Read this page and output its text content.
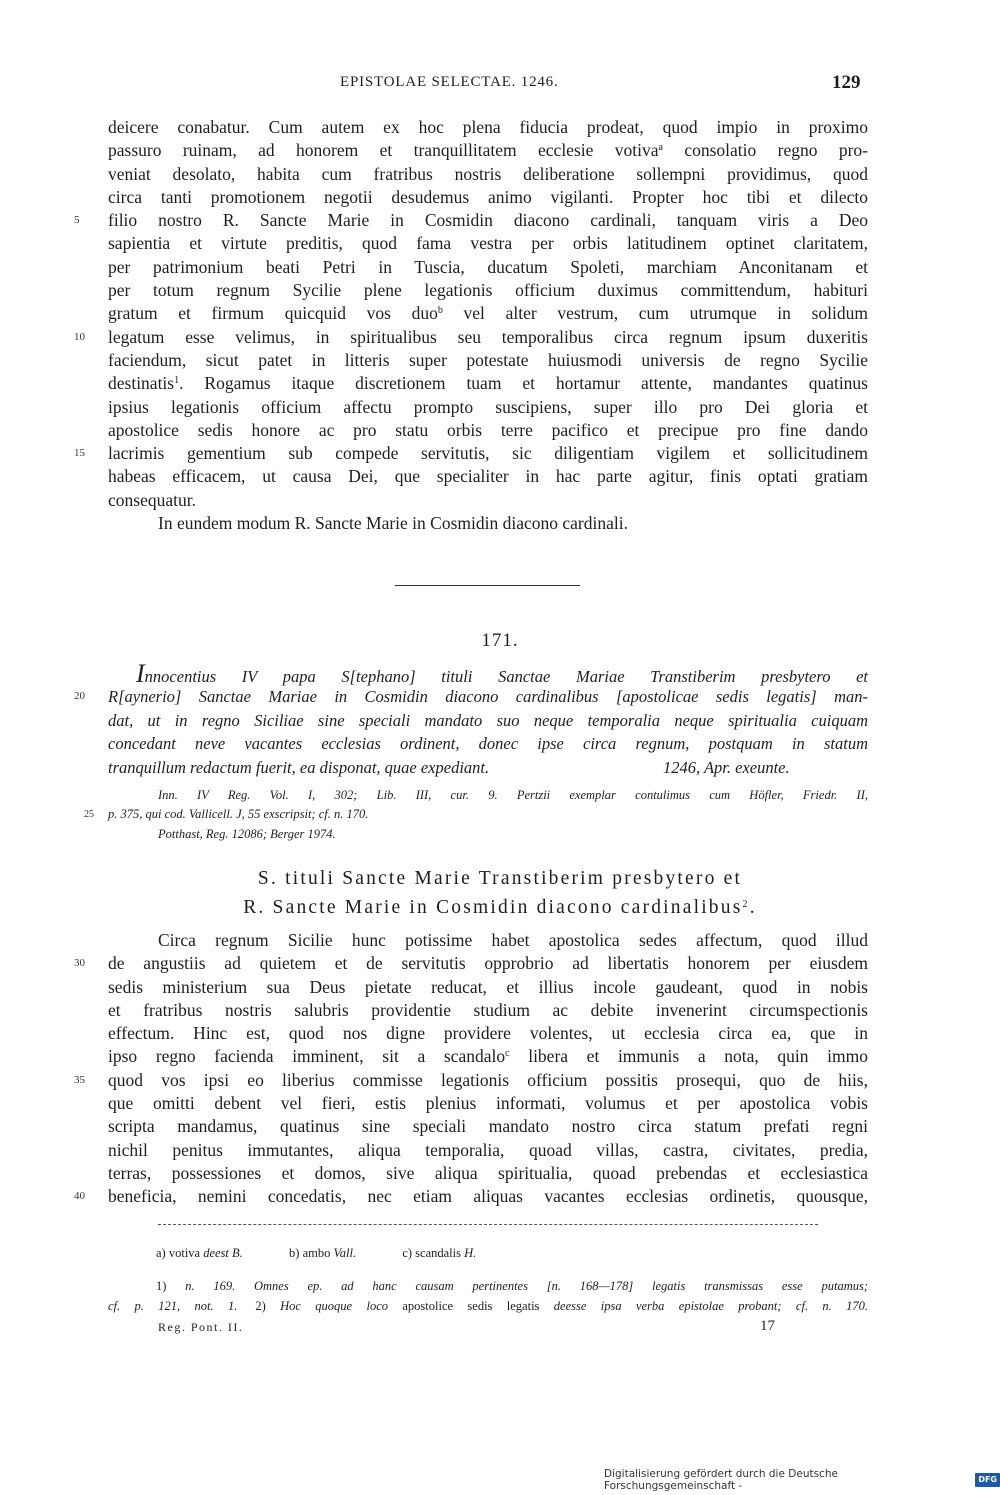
EPISTOLAE SELECTAE. 1246.	129
deicere conabatur. Cum autem ex hoc plena fiducia prodeat, quod impio in proximo
passuro ruinam, ad honorem et tranquillitatem ecclesie votiva$^a$ consolatio regno pro-
veniat desolato, habita cum fratribus nostris deliberatione sollempni providimus, quod
circa tanti promotionem negotii desudemus animo vigilanti. Propter hoc tibi et dilecto
5	filio nostro R. Sancte Marie in Cosmidin diacono cardinali, tanquam viris a Deo
sapientia et virtute preditis, quod fama vestra per orbis latitudinem optinet claritatem,
per patrimonium beati Petri in Tuscia, ducatum Spoleti, marchiam Anconitanam et
per totum regnum Sycilie plene legationis officium duximus committendum, habituri
gratum et firmum quicquid vos duo$^b$ vel alter vestrum, cum utrumque in solidum
10	legatum esse velimus, in spiritualibus seu temporalibus circa regnum ipsum duxeritis
faciendum, sicut patet in litteris super potestate huiusmodi universis de regno Sycilie
destinatis$^1$. Rogamus itaque discretionem tuam et hortamur attente, mandantes quatinus
ipsius legationis officium affectu prompto suscipiens, super illo pro Dei gloria et
apostolice sedis honore ac pro statu orbis terre pacifico et precipue pro fine dando
15	lacrimis gementium sub compede servitutis, sic diligentiam vigilem et sollicitudinem
habeas efficacem, ut causa Dei, que specialiter in hac parte agitur, finis optati gratiam
consequatur.
In eundem modum R. Sancte Marie in Cosmidin diacono cardinali.
171.
Innocentius IV papa S[tephano] tituli Sanctae Mariae Transtiberim presbytero et
20	R[aynerio] Sanctae Mariae in Cosmidin diacono cardinalibus [apostolicae sedis legatis] man-
dat, ut in regno Siciliae sine speciali mandato suo neque temporalia neque spiritualia cuiquam
concedant neve vacantes ecclesias ordinent, donec ipse circa regnum, postquam in statum
tranquillum redactum fuerit, ea disponat, quae expediant.	1246, Apr. exeunte.
Inn. IV Reg. Vol. I, 302; Lib. III, cur. 9. Pertzii exemplar contulimus cum Höfler, Friedr. II,
25 p. 375, qui cod. Vallicell. J, 55 exscripsit; cf. n. 170.
Potthast, Reg. 12086; Berger 1974.
S. tituli Sancte Marie Transtiberim presbytero et
R. Sancte Marie in Cosmidin diacono cardinalibus$^2$.
Circa regnum Sicilie hunc potissime habet apostolica sedes affectum, quod illud
30	de angustiis ad quietem et de servitutis opprobrio ad libertatis honorem per eiusdem
sedis ministerium sua Deus pietate reducat, et illius incole gaudeant, quod in nobis
et fratribus nostris salubris providentie studium ac debite invenerint circumspectionis
effectum. Hinc est, quod nos digne providere volentes, ut ecclesia circa ea, que in
ipso regno facienda imminent, sit a scandalo$^c$ libera et immunis a nota, quin immo
35	quod vos ipsi eo liberius commisse legationis officium possitis prosequi, quo de hiis,
que omitti debent vel fieri, estis plenius informati, volumus et per apostolica vobis
scripta mandamus, quatinus sine speciali mandato nostro circa statum prefati regni
nichil penitus immutantes, aliqua temporalia, quoad villas, castra, civitates, predia,
terras, possessiones et domos, sive aliqua spiritualia, quoad prebendas et ecclesiastica
40	beneficia, nemini concedatis, nec etiam aliquas vacantes ecclesias ordinetis, quousque,
a) votiva deest B.	b) ambo Vall.	c) scandalis H.
1) n. 169. Omnes ep. ad hanc causam pertinentes [n. 168—178] legatis transmissas esse putamus;
cf. p. 121, not. 1. 2) Hoc quoque loco apostolice sedis legatis deesse ipsa verba epistolae probant; cf. n. 170.
Reg. Pont. II.	17
Digitalisierung gefördert durch die Deutsche Forschungsgemeinschaft -
DFG
